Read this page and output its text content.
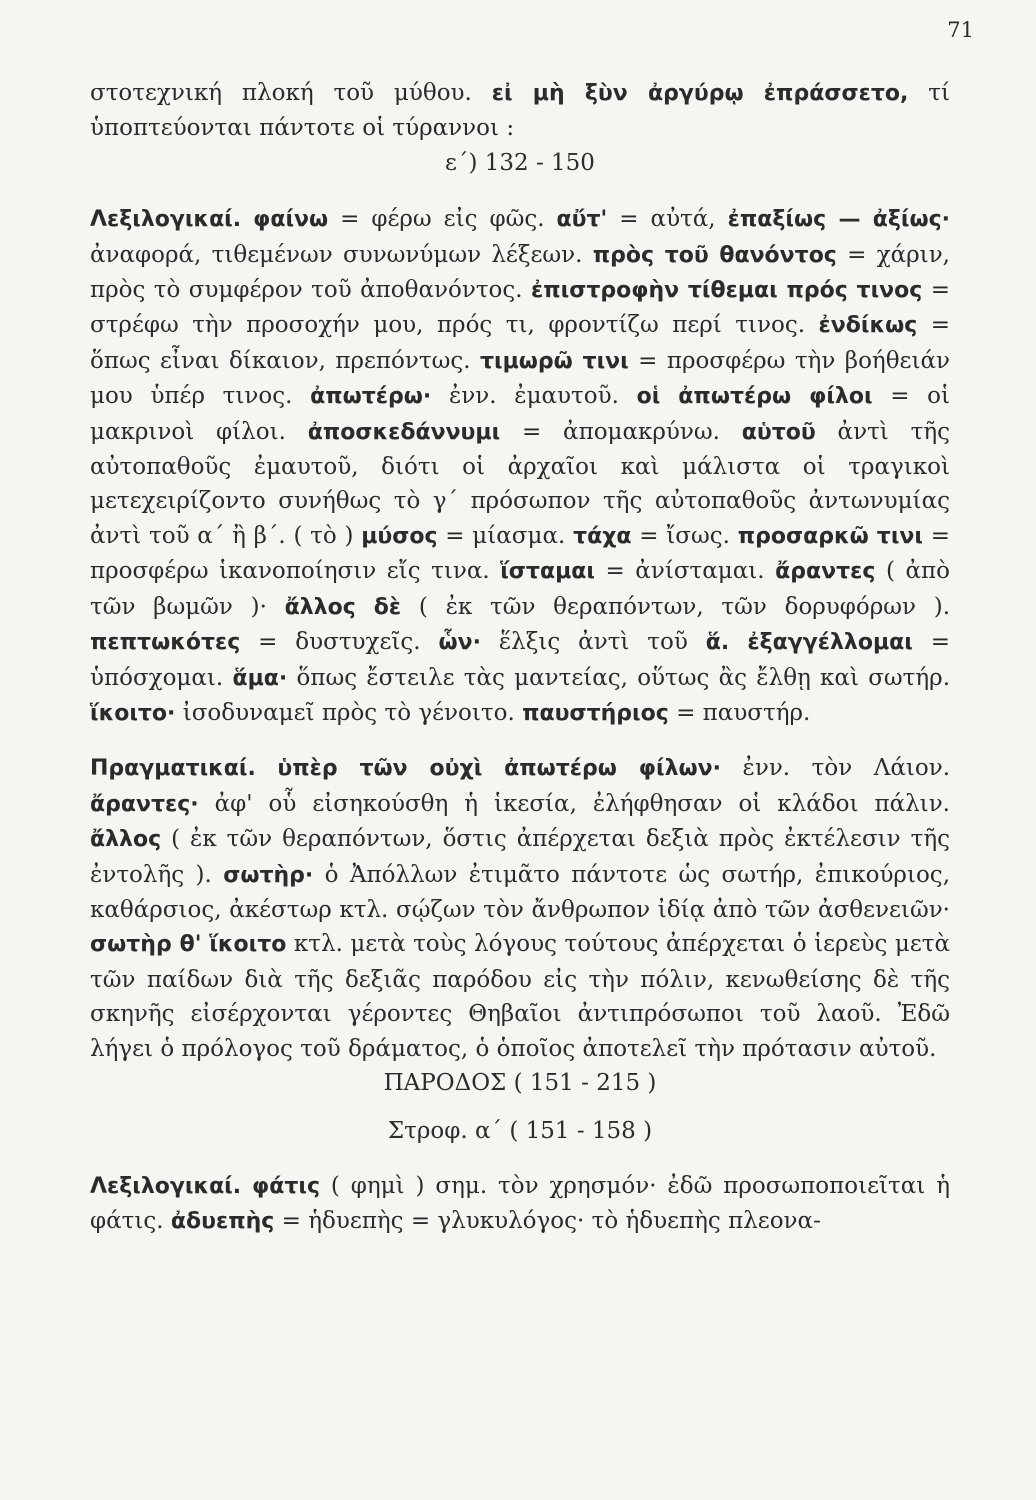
71

στοτεχνική πλοκή τοῦ μύθου. εἰ μὴ ξὺν ἀργύρῳ ἐπράσσετο, τί ὑποπτεύονται πάντοτε οἱ τύραννοι :

ε΄) 132 - 150

Λεξιλογικαί. φαίνω = φέρω εἰς φῶς. αὔτ' = αὐτά, ἐπαξίως — ἀξίως· ἀναφορά, τιθεμένων συνωνύμων λέξεων. πρὸς τοῦ θανόντος = χάριν, πρὸς τὸ συμφέρον τοῦ ἀποθανόντος. ἐπιστροφὴν τίθεμαι πρός τινος = στρέφω τὴν προσοχήν μου, πρός τι, φροντίζω περί τινος. ἐνδίκως = ὅπως εἶναι δίκαιον, πρεπόντως. τιμωρῶ τινι = προσφέρω τὴν βοήθειάν μου ὑπέρ τινος. ἀπωτέρω· ἐνν. ἐμαυτοῦ. οἱ ἀπωτέρω φίλοι = οἱ μακρινοὶ φίλοι. ἀποσκεδάννυμι = ἀπομακρύνω. αὑτοῦ ἀντὶ τῆς αὐτοπαθοῦς ἐμαυτοῦ, διότι οἱ ἀρχαῖοι καὶ μάλιστα οἱ τραγικοὶ μετεχειρίζοντο συνήθως τὸ γ΄ πρόσωπον τῆς αὐτοπαθοῦς ἀντωνυμίας ἀντὶ τοῦ α΄ ἢ β΄. ( τὸ ) μύσος = μίασμα. τάχα = ἴσως. προσαρκῶ τινι = προσφέρω ἱκανοποίησιν εἴς τινα. ἵσταμαι = ἀνίσταμαι. ἄραντες ( ἀπὸ τῶν βωμῶν )· ἄλλος δὲ ( ἐκ τῶν θεραπόντων, τῶν δορυφόρων ). πεπτωκότες = δυστυχεῖς. ὧν· ἕλξις ἀντὶ τοῦ ἅ. ἐξαγγέλλομαι = ὑπόσχομαι. ἅμα· ὅπως ἔστειλε τὰς μαντείας, οὕτως ἂς ἔλθῃ καὶ σωτήρ. ἵκοιτο· ἰσοδυναμεῖ πρὸς τὸ γένοιτο. παυστήριος = παυστήρ.

Πραγματικαί. ὑπὲρ τῶν οὐχὶ ἀπωτέρω φίλων· ἐνν. τὸν Λάιον. ἄραντες· ἀφ' οὗ εἰσηκούσθη ἡ ἱκεσία, ἐλήφθησαν οἱ κλάδοι πάλιν. ἄλλος ( ἐκ τῶν θεραπόντων, ὅστις ἀπέρχεται δεξιὰ πρὸς ἐκτέλεσιν τῆς ἐντολῆς ). σωτὴρ· ὁ Ἀπόλλων ἐτιμᾶτο πάντοτε ὡς σωτήρ, ἐπικούριος, καθάρσιος, ἀκέστωρ κτλ. σῴζων τὸν ἄνθρωπον ἰδίᾳ ἀπὸ τῶν ἀσθενειῶν· σωτὴρ θ' ἵκοιτο κτλ. μετὰ τοὺς λόγους τούτους ἀπέρχεται ὁ ἱερεὺς μετὰ τῶν παίδων διὰ τῆς δεξιᾶς παρόδου εἰς τὴν πόλιν, κενωθείσης δὲ τῆς σκηνῆς εἰσέρχονται γέροντες Θηβαῖοι ἀντιπρόσωποι τοῦ λαοῦ. Ἐδῶ λήγει ὁ πρόλογος τοῦ δράματος, ὁ ὁποῖος ἀποτελεῖ τὴν πρότασιν αὐτοῦ.

ΠΑΡΟΔΟΣ ( 151 - 215 )

Στροφ. α΄ ( 151 - 158 )

Λεξιλογικαί. φάτις ( φημὶ ) σημ. τὸν χρησμόν· ἐδῶ προσωποποιεῖται ἡ φάτις. ἀδυεπὴς = ἡδυεπὴς = γλυκυλόγος· τὸ ἡδυεπὴς πλεονα-
